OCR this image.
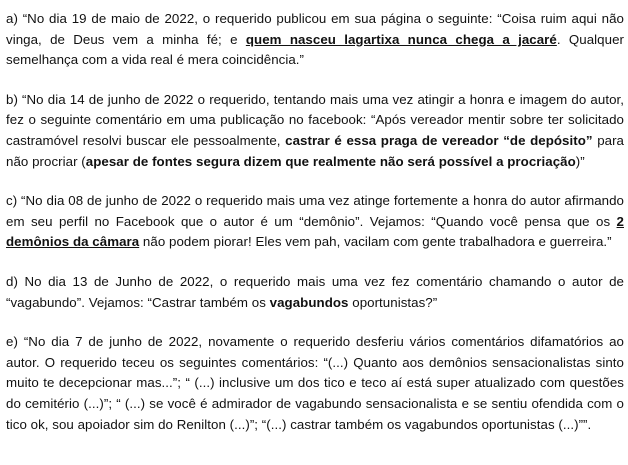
a) “No dia 19 de maio de 2022, o requerido publicou em sua página o seguinte: “Coisa ruim aqui não vinga, de Deus vem a minha fé; e quem nasceu lagartixa nunca chega a jacaré. Qualquer semelhança com a vida real é mera coincidência.”

b) “No dia 14 de junho de 2022 o requerido, tentando mais uma vez atingir a honra e imagem do autor, fez o seguinte comentário em uma publicação no facebook: “Após vereador mentir sobre ter solicitado castramóvel resolvi buscar ele pessoalmente, castrar é essa praga de vereador “de depósito” para não procriar (apesar de fontes segura dizem que realmente não será possível a procriação)”

c) “No dia 08 de junho de 2022 o requerido mais uma vez atinge fortemente a honra do autor afirmando em seu perfil no Facebook que o autor é um “demônio”. Vejamos: “Quando você pensa que os 2 demônios da câmara não podem piorar! Eles vem pah, vacilam com gente trabalhadora e guerreira.”

d) No dia 13 de Junho de 2022, o requerido mais uma vez fez comentário chamando o autor de “vagabundo”. Vejamos: “Castrar também os vagabundos oportunistas?”

e) “No dia 7 de junho de 2022, novamente o requerido desferiu vários comentários difamatórios ao autor. O requerido teceu os seguintes comentários: “(...) Quanto aos demônios sensacionalistas sinto muito te decepcionar mas...”; “ (...) inclusive um dos tico e teco aí está super atualizado com questões do cemitério (...)”; “ (...) se você é admirador de vagabundo sensacionalista e se sentiu ofendida com o tico ok, sou apoiador sim do Renilton (...)”; “(...) castrar também os vagabundos oportunistas (...)””.
